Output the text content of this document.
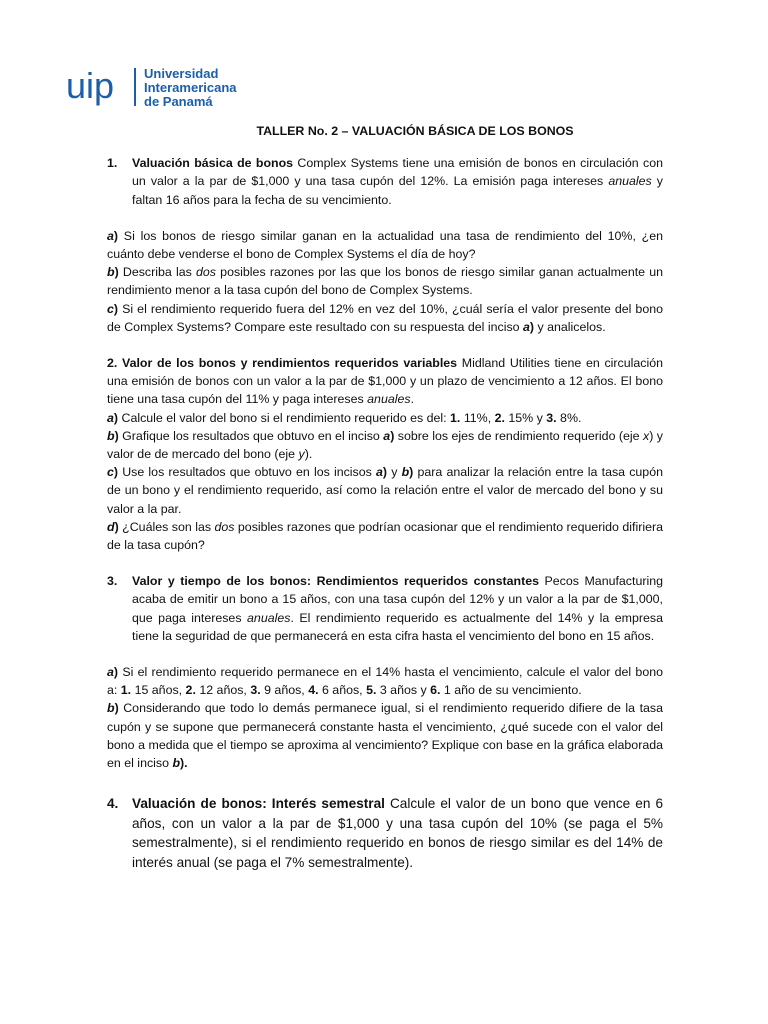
uip Universidad
Interamericana
de Panamá

TALLER No. 2 – VALUACIÓN BÁSICA DE LOS BONOS

1. Valuación básica de bonos Complex Systems tiene una emisión de bonos en circulación con un valor a la par de $1,000 y una tasa cupón del 12%. La emisión paga intereses anuales y faltan 16 años para la fecha de su vencimiento.

a) Si los bonos de riesgo similar ganan en la actualidad una tasa de rendimiento del 10%, ¿en cuánto debe venderse el bono de Complex Systems el día de hoy?

b) Describa las dos posibles razones por las que los bonos de riesgo similar ganan actualmente un rendimiento menor a la tasa cupón del bono de Complex Systems.

c) Si el rendimiento requerido fuera del 12% en vez del 10%, ¿cuál sería el valor presente del bono de Complex Systems? Compare este resultado con su respuesta del inciso a) y analicelos.

2. Valor de los bonos y rendimientos requeridos variables Midland Utilities tiene en circulación una emisión de bonos con un valor a la par de $1,000 y un plazo de vencimiento a 12 años. El bono tiene una tasa cupón del 11% y paga intereses anuales.

a) Calcule el valor del bono si el rendimiento requerido es del: 1. 11%, 2. 15% y 3. 8%.

b) Grafique los resultados que obtuvo en el inciso a) sobre los ejes de rendimiento requerido (eje x) y valor de de mercado del bono (eje y).

c) Use los resultados que obtuvo en los incisos a) y b) para analizar la relación entre la tasa cupón de un bono y el rendimiento requerido, así como la relación entre el valor de mercado del bono y su valor a la par.

d) ¿Cuáles son las dos posibles razones que podrían ocasionar que el rendimiento requerido difiriera de la tasa cupón?

3. Valor y tiempo de los bonos: Rendimientos requeridos constantes Pecos Manufacturing acaba de emitir un bono a 15 años, con una tasa cupón del 12% y un valor a la par de $1,000, que paga intereses anuales. El rendimiento requerido es actualmente del 14% y la empresa tiene la seguridad de que permanecerá en esta cifra hasta el vencimiento del bono en 15 años.

a) Si el rendimiento requerido permanece en el 14% hasta el vencimiento, calcule el valor del bono a: 1. 15 años, 2. 12 años, 3. 9 años, 4. 6 años, 5. 3 años y 6. 1 año de su vencimiento.

b) Considerando que todo lo demás permanece igual, si el rendimiento requerido difiere de la tasa cupón y se supone que permanecerá constante hasta el vencimiento, ¿qué sucede con el valor del bono a medida que el tiempo se aproxima al vencimiento? Explique con base en la gráfica elaborada en el inciso b).

4. Valuación de bonos: Interés semestral Calcule el valor de un bono que vence en 6 años, con un valor a la par de $1,000 y una tasa cupón del 10% (se paga el 5% semestralmente), si el rendimiento requerido en bonos de riesgo similar es del 14% de interés anual (se paga el 7% semestralmente).
